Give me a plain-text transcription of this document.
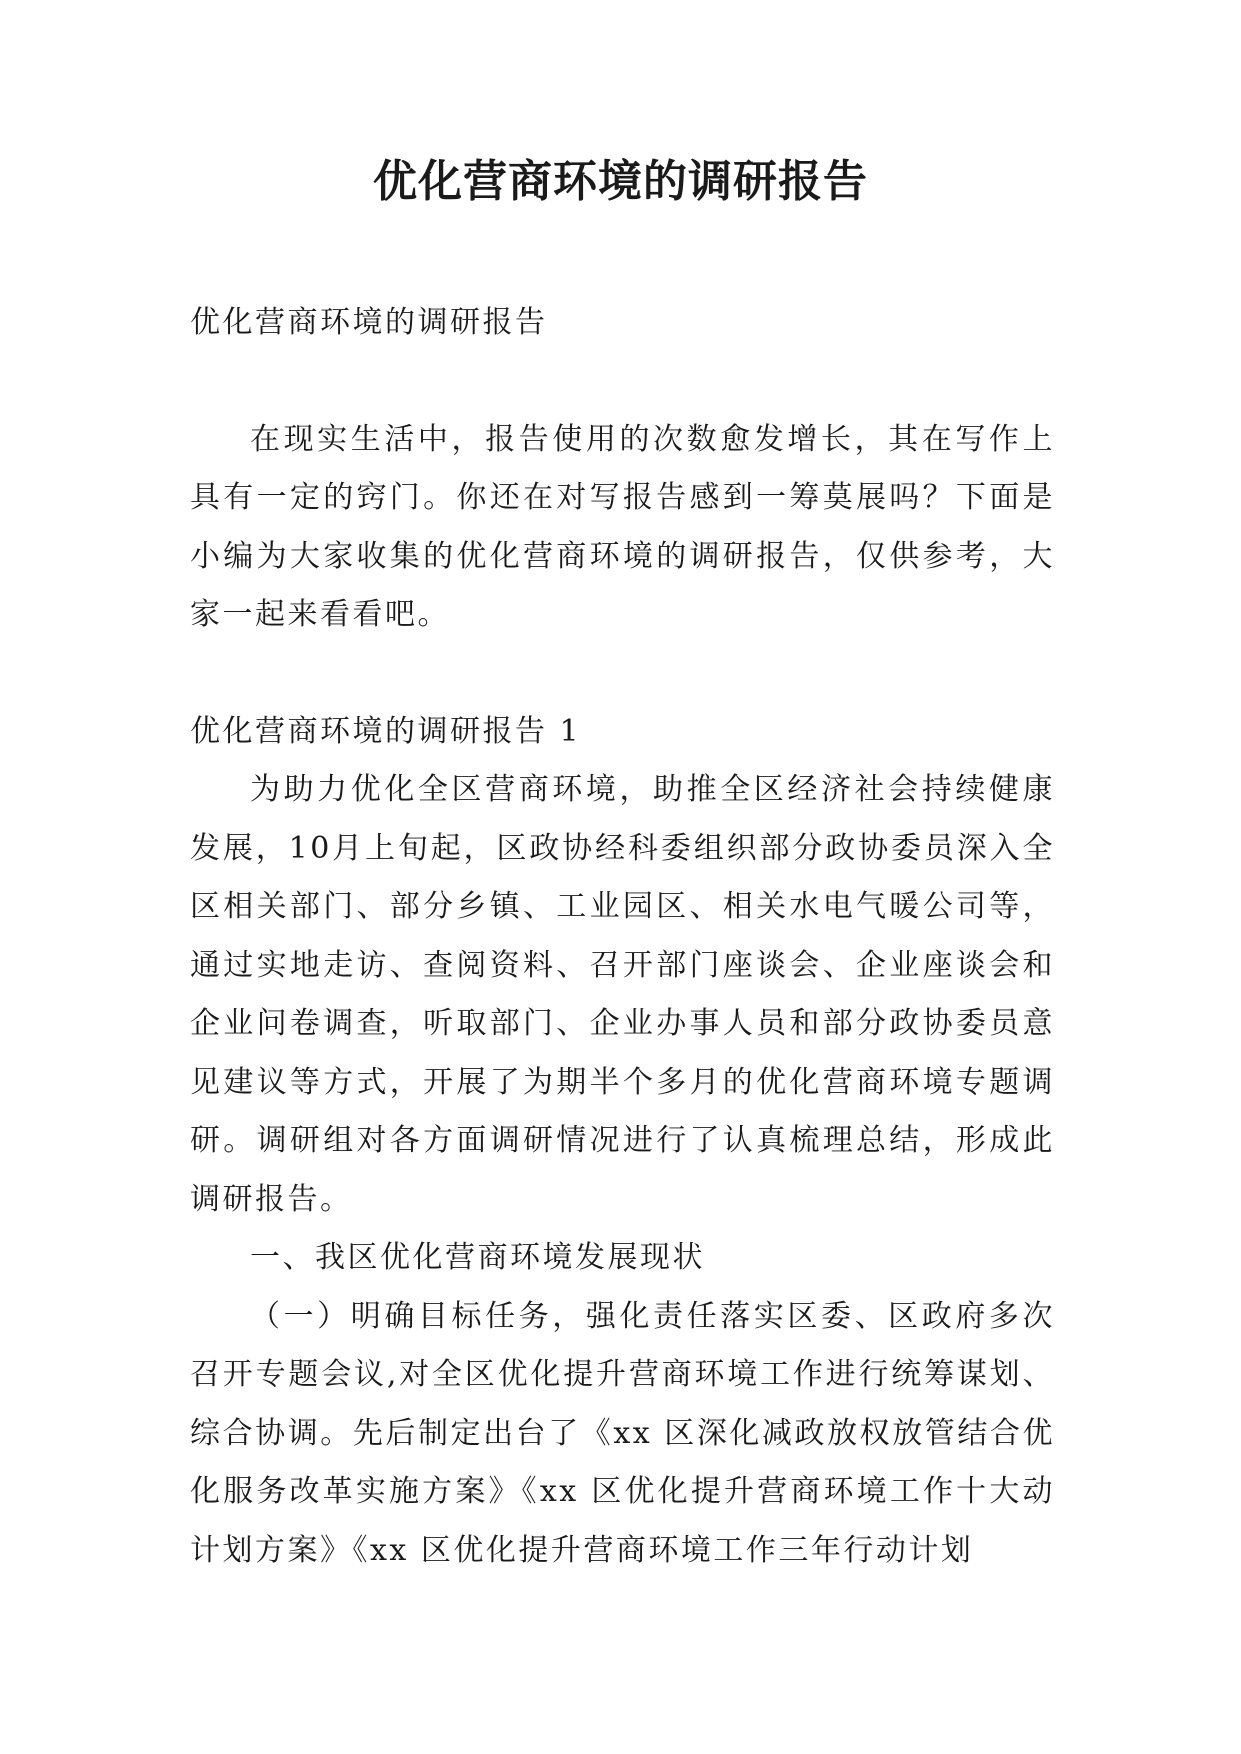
优化营商环境的调研报告

优化营商环境的调研报告

在现实生活中，报告使用的次数愈发增长，其在写作上具有一定的窍门。你还在对写报告感到一筹莫展吗？下面是小编为大家收集的优化营商环境的调研报告，仅供参考，大家一起来看看吧。

优化营商环境的调研报告 1

为助力优化全区营商环境，助推全区经济社会持续健康发展，10月上旬起，区政协经科委组织部分政协委员深入全区相关部门、部分乡镇、工业园区、相关水电气暖公司等，通过实地走访、查阅资料、召开部门座谈会、企业座谈会和企业问卷调查，听取部门、企业办事人员和部分政协委员意见建议等方式，开展了为期半个多月的优化营商环境专题调研。调研组对各方面调研情况进行了认真梳理总结，形成此调研报告。

一、我区优化营商环境发展现状

（一）明确目标任务，强化责任落实区委、区政府多次召开专题会议,对全区优化提升营商环境工作进行统筹谋划、综合协调。先后制定出台了《xx 区深化减政放权放管结合优化服务改革实施方案》《xx 区优化提升营商环境工作十大动计划方案》《xx 区优化提升营商环境工作三年行动计划
